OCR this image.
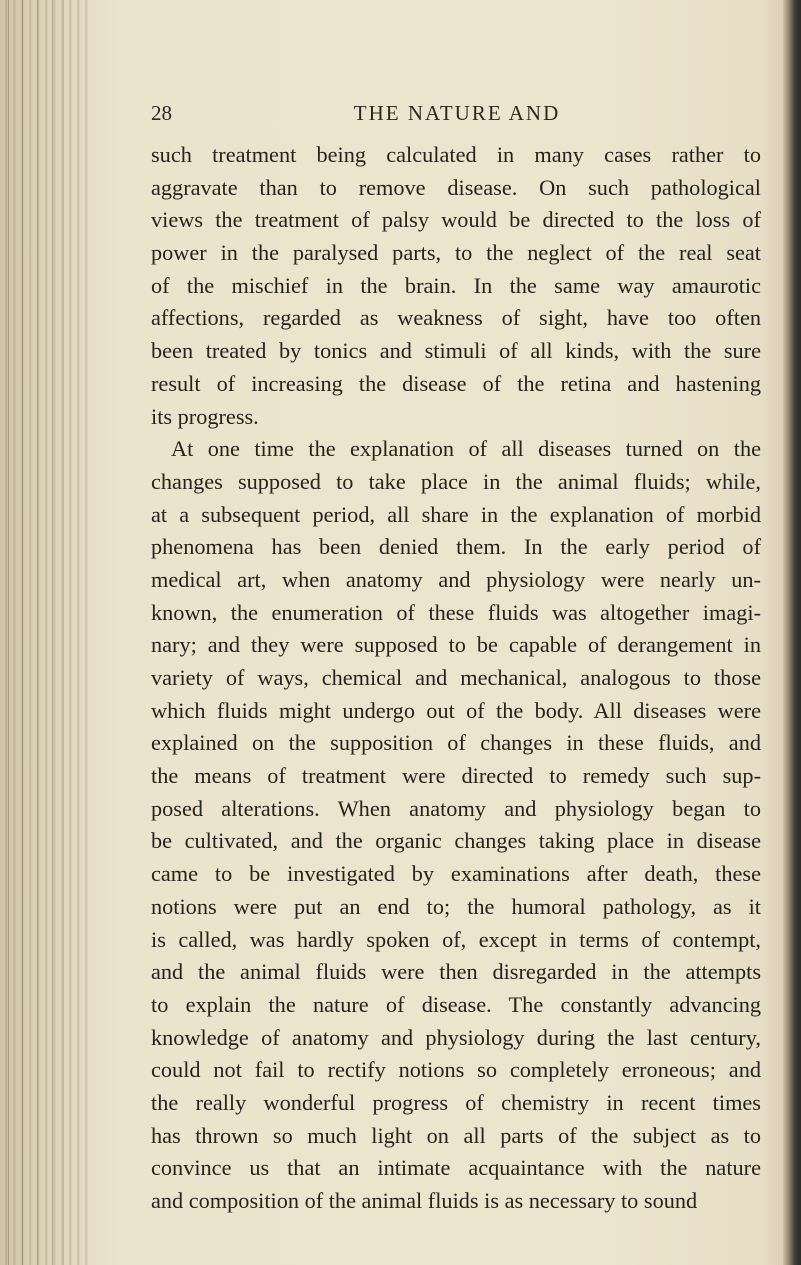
28	THE NATURE AND
such treatment being calculated in many cases rather to
aggravate than to remove disease. On such pathological
views the treatment of palsy would be directed to the loss of
power in the paralysed parts, to the neglect of the real seat
of the mischief in the brain. In the same way amaurotic
affections, regarded as weakness of sight, have too often
been treated by tonics and stimuli of all kinds, with the sure
result of increasing the disease of the retina and hastening
its progress.
At one time the explanation of all diseases turned on the
changes supposed to take place in the animal fluids; while,
at a subsequent period, all share in the explanation of morbid
phenomena has been denied them. In the early period of
medical art, when anatomy and physiology were nearly un-
known, the enumeration of these fluids was altogether imagi-
nary; and they were supposed to be capable of derangement in
variety of ways, chemical and mechanical, analogous to those
which fluids might undergo out of the body. All diseases were
explained on the supposition of changes in these fluids, and
the means of treatment were directed to remedy such sup-
posed alterations. When anatomy and physiology began to
be cultivated, and the organic changes taking place in disease
came to be investigated by examinations after death, these
notions were put an end to; the humoral pathology, as it
is called, was hardly spoken of, except in terms of contempt,
and the animal fluids were then disregarded in the attempts
to explain the nature of disease. The constantly advancing
knowledge of anatomy and physiology during the last century,
could not fail to rectify notions so completely erroneous; and
the really wonderful progress of chemistry in recent times
has thrown so much light on all parts of the subject as to
convince us that an intimate acquaintance with the nature
and composition of the animal fluids is as necessary to sound
